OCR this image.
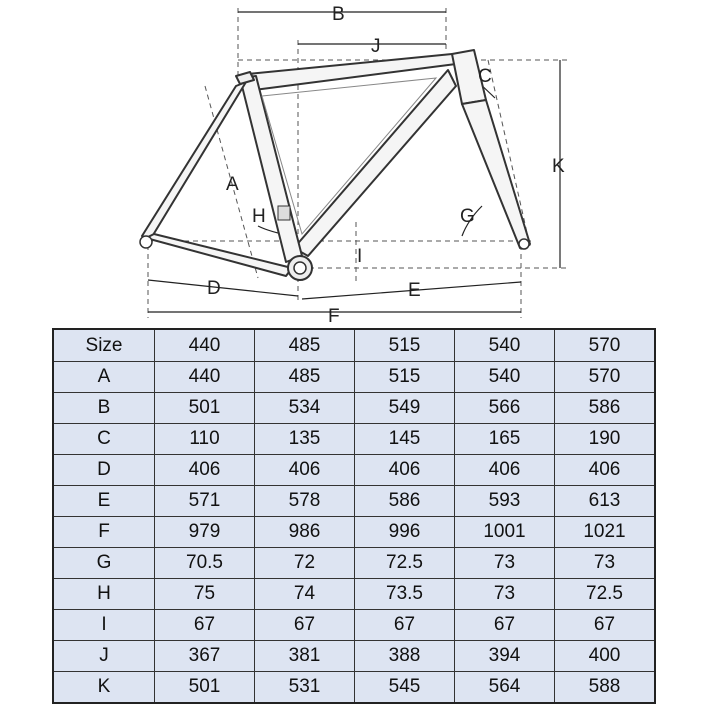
B
J
C
K
A
H	G
I
D	E
F
Size	440	485	515	540	570
A	440	485	515	540	570
B	501	534	549	566	586
C	110	135	145	165	190
D	406	406	406	406	406
E	571	578	586	593	613
F	979	986	996	1001	1021
G	70.5	72	72.5	73	73
H	75	74	73.5	73	72.5
I	67	67	67	67	67
J	367	381	388	394	400
K	501	531	545	564	588
